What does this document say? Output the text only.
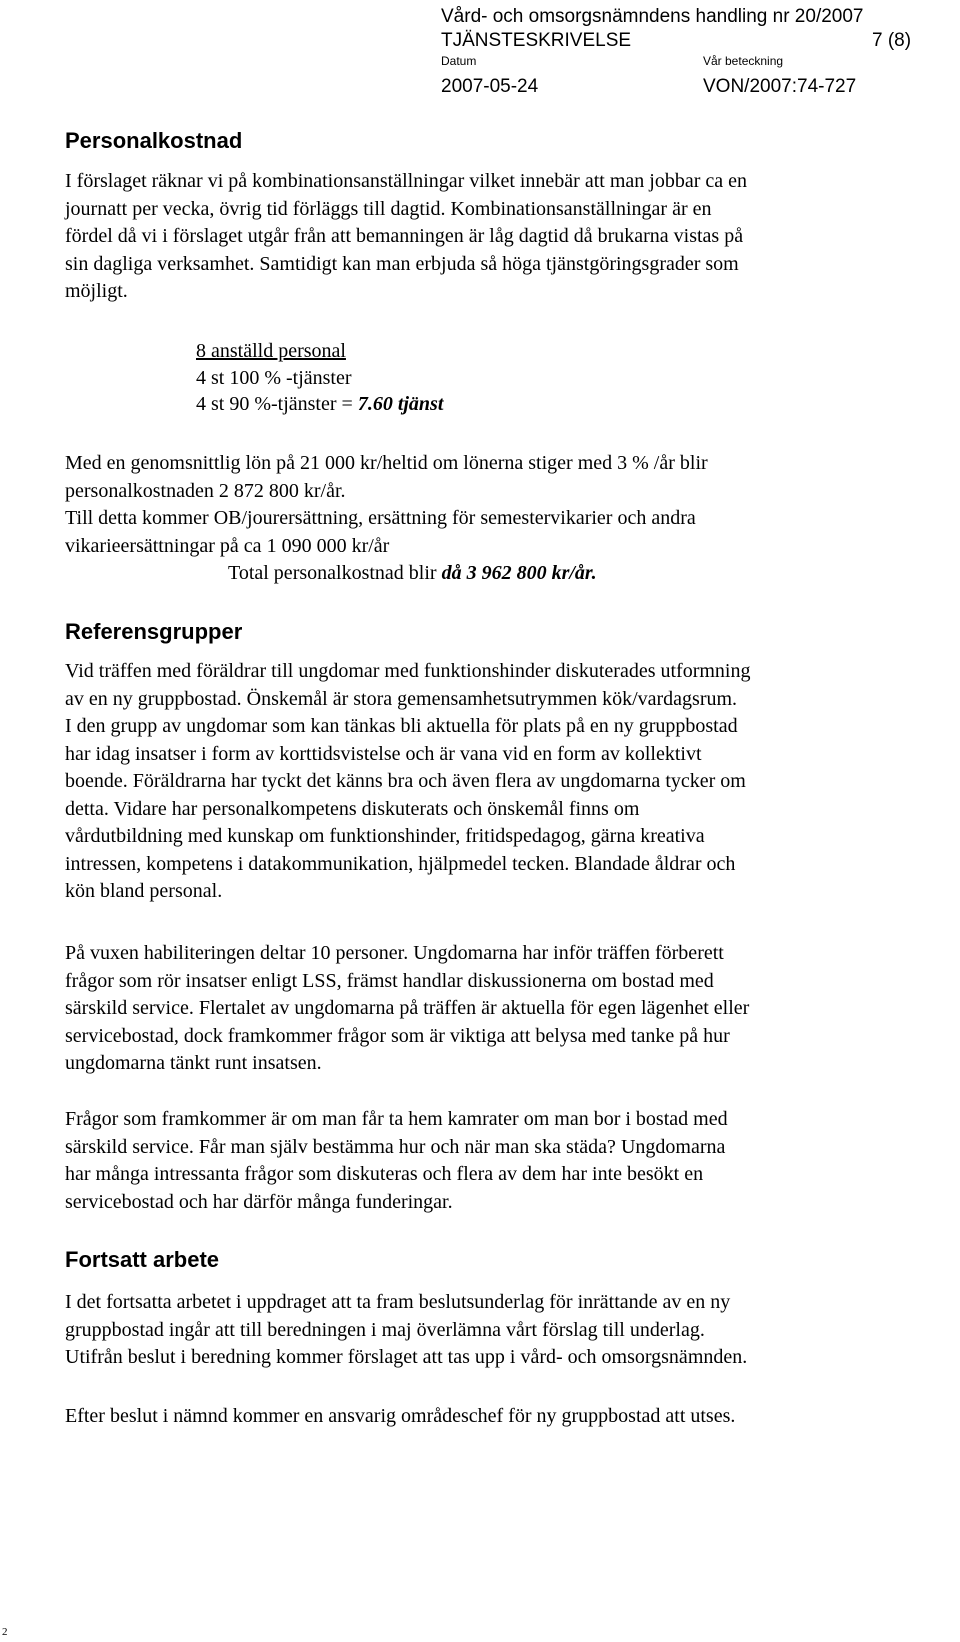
Vård- och omsorgsnämndens handling nr 20/2007
TJÄNSTESKRIVELSE	7 (8)
Datum	Vår beteckning
2007-05-24	VON/2007:74-727
Personalkostnad

I förslaget räknar vi på kombinationsanställningar vilket innebär att man jobbar ca en

journatt per vecka, övrig tid förläggs till dagtid. Kombinationsanställningar är en

fördel då vi i förslaget utgår från att bemanningen är låg dagtid då brukarna vistas på

sin dagliga verksamhet. Samtidigt kan man erbjuda så höga tjänstgöringsgrader som

möjligt.

8 anställd personal

4 st 100 % -tjänster

4 st 90 %-tjänster = 7.60 tjänst

Med en genomsnittlig lön på 21 000 kr/heltid om lönerna stiger med 3 % /år blir

personalkostnaden 2 872 800 kr/år.

Till detta kommer OB/jourersättning, ersättning för semestervikarier och andra

vikarieersättningar på ca 1 090 000 kr/år

Total personalkostnad blir då 3 962 800 kr/år.

Referensgrupper

Vid träffen med föräldrar till ungdomar med funktionshinder diskuterades utformning

av en ny gruppbostad. Önskemål är stora gemensamhetsutrymmen kök/vardagsrum.

I den grupp av ungdomar som kan tänkas bli aktuella för plats på en ny gruppbostad

har idag insatser i form av korttidsvistelse och är vana vid en form av kollektivt

boende. Föräldrarna har tyckt det känns bra och även flera av ungdomarna tycker om

detta. Vidare har personalkompetens diskuterats och önskemål finns om

vårdutbildning med kunskap om funktionshinder, fritidspedagog, gärna kreativa

intressen, kompetens i datakommunikation, hjälpmedel tecken. Blandade åldrar och

kön bland personal.

På vuxen habiliteringen deltar 10 personer. Ungdomarna har inför träffen förberett

frågor som rör insatser enligt LSS, främst handlar diskussionerna om bostad med

särskild service. Flertalet av ungdomarna på träffen är aktuella för egen lägenhet eller

servicebostad, dock framkommer frågor som är viktiga att belysa med tanke på hur

ungdomarna tänkt runt insatsen.

Frågor som framkommer är om man får ta hem kamrater om man bor i bostad med

särskild service. Får man själv bestämma hur och när man ska städa? Ungdomarna

har många intressanta frågor som diskuteras och flera av dem har inte besökt en

servicebostad och har därför många funderingar.

Fortsatt arbete

I det fortsatta arbetet i uppdraget att ta fram beslutsunderlag för inrättande av en ny

gruppbostad ingår att till beredningen i maj överlämna vårt förslag till underlag.

Utifrån beslut i beredning kommer förslaget att tas upp i vård- och omsorgsnämnden.

Efter beslut i nämnd kommer en ansvarig områdeschef för ny gruppbostad att utses.

2
